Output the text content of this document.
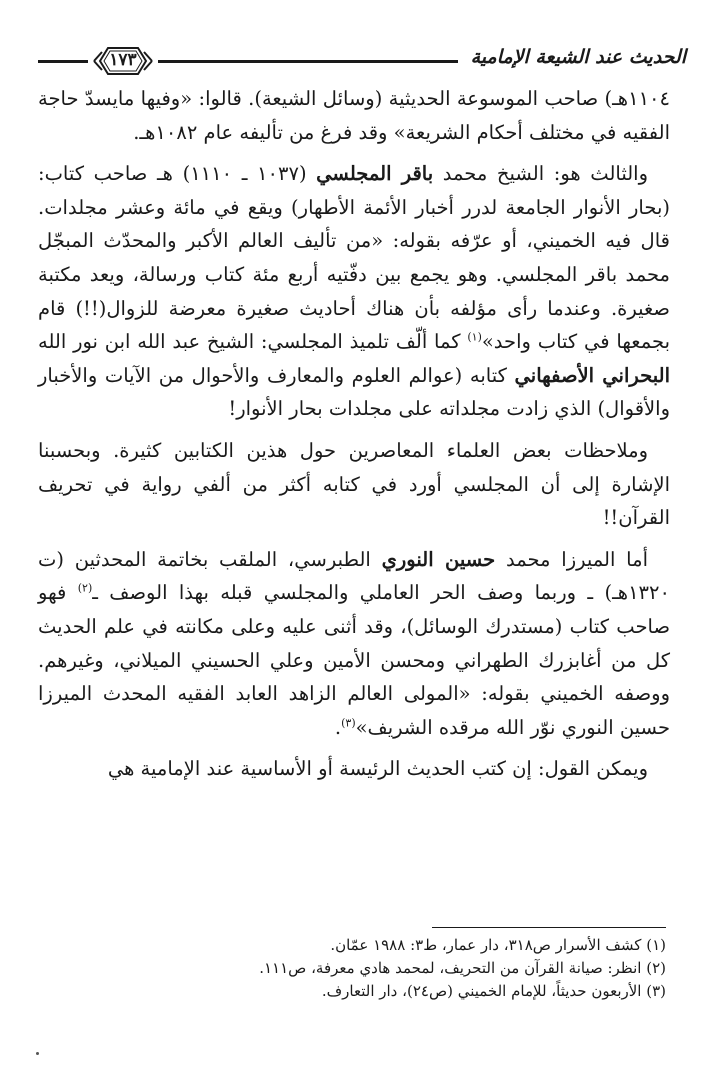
١٧٣	الحديث عند الشيعة الإمامية

١١٠٤هـ) صاحب الموسوعة الحديثية (وسائل الشيعة). قالوا: «وفيها مايسدّ حاجة الفقيه في مختلف أحكام الشريعة» وقد فرغ من تأليفه عام ١٠٨٢هـ.

والثالث هو: الشيخ محمد باقر المجلسي (١٠٣٧ ـ ١١١٠) هـ صاحب كتاب: (بحار الأنوار الجامعة لدرر أخبار الأئمة الأطهار) ويقع في مائة وعشر مجلدات. قال فيه الخميني، أو عرّفه بقوله: «من تأليف العالم الأكبر والمحدّث المبجّل محمد باقر المجلسي. وهو يجمع بين دفّتيه أربع مئة كتاب ورسالة، ويعد مكتبة صغيرة. وعندما رأى مؤلفه بأن هناك أحاديث صغيرة معرضة للزوال(!!) قام بجمعها في كتاب واحد»$^{(١)}$ كما ألّف تلميذ المجلسي: الشيخ عبد الله ابن نور الله البحراني الأصفهاني كتابه (عوالم العلوم والمعارف والأحوال من الآيات والأخبار والأقوال) الذي زادت مجلداته على مجلدات بحار الأنوار!

وملاحظات بعض العلماء المعاصرين حول هذين الكتابين كثيرة. وبحسبنا الإشارة إلى أن المجلسي أورد في كتابه أكثر من ألفي رواية في تحريف القرآن!!

أما الميرزا محمد حسين النوري الطبرسي، الملقب بخاتمة المحدثين (ت ١٣٢٠هـ) ـ وربما وصف الحر العاملي والمجلسي قبله بهذا الوصف ـ$^{(٢)}$ فهو صاحب كتاب (مستدرك الوسائل)، وقد أثنى عليه وعلى مكانته في علم الحديث كل من أغابزرك الطهراني ومحسن الأمين وعلي الحسيني الميلاني، وغيرهم. ووصفه الخميني بقوله: «المولى العالم الزاهد العابد الفقيه المحدث الميرزا حسين النوري نوّر الله مرقده الشريف»$^{(٣)}$.

ويمكن القول: إن كتب الحديث الرئيسة أو الأساسية عند الإمامية هي

(١) كشف الأسرار ص٣١٨، دار عمار، ط٣: ١٩٨٨ عمّان.

(٢) انظر: صيانة القرآن من التحريف، لمحمد هادي معرفة، ص١١١.

(٣) الأربعون حديثاً، للإمام الخميني (ص٢٤)، دار التعارف.
